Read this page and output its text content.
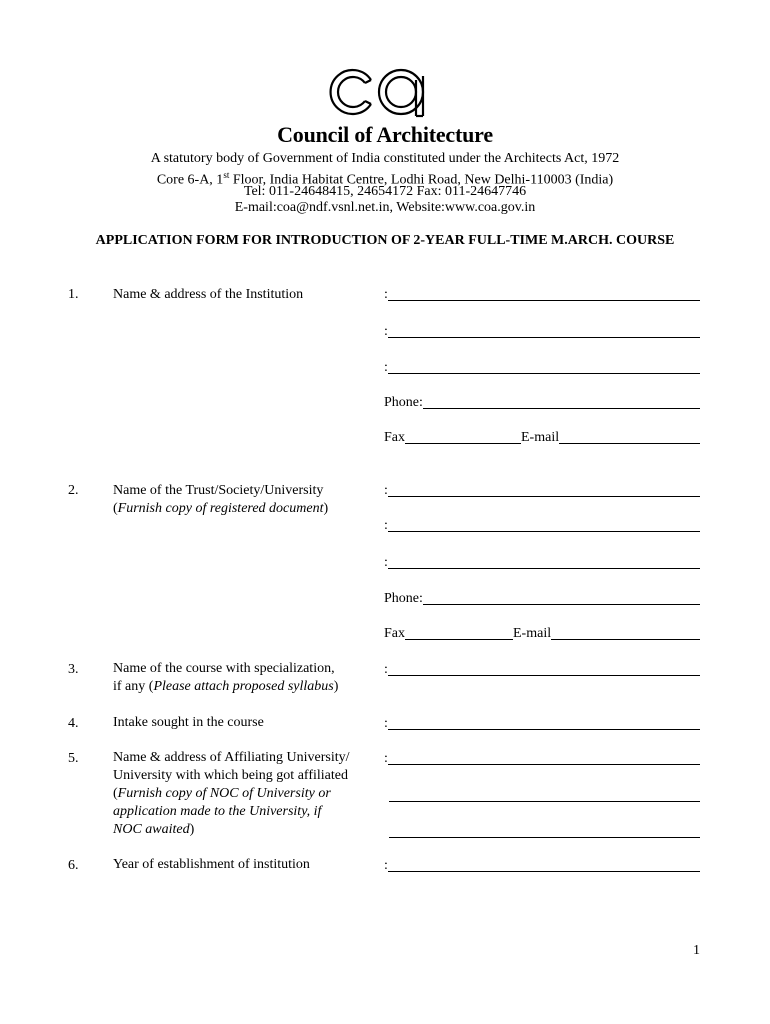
Council of Architecture
A statutory body of Government of India constituted under the Architects Act, 1972
Core 6-A, 1st Floor, India Habitat Centre, Lodhi Road, New Delhi-110003 (India)
Tel: 011-24648415, 24654172 Fax: 011-24647746
E-mail:coa@ndf.vsnl.net.in, Website:www.coa.gov.in
APPLICATION FORM FOR INTRODUCTION OF 2-YEAR FULL-TIME M.ARCH. COURSE
1. Name & address of the Institution	:
:
:
Phone:
Fax	E-mail
2. Name of the Trust/Society/University
(Furnish copy of registered document)
:
:
:
Phone:
Fax	E-mail
3. Name of the course with specialization,
if any (Please attach proposed syllabus)
:
4. Intake sought in the course	:
5. Name & address of Affiliating University/
University with which being got affiliated
(Furnish copy of NOC of University or
application made to the University, if
NOC awaited)
:
6. Year of establishment of institution	:
1
